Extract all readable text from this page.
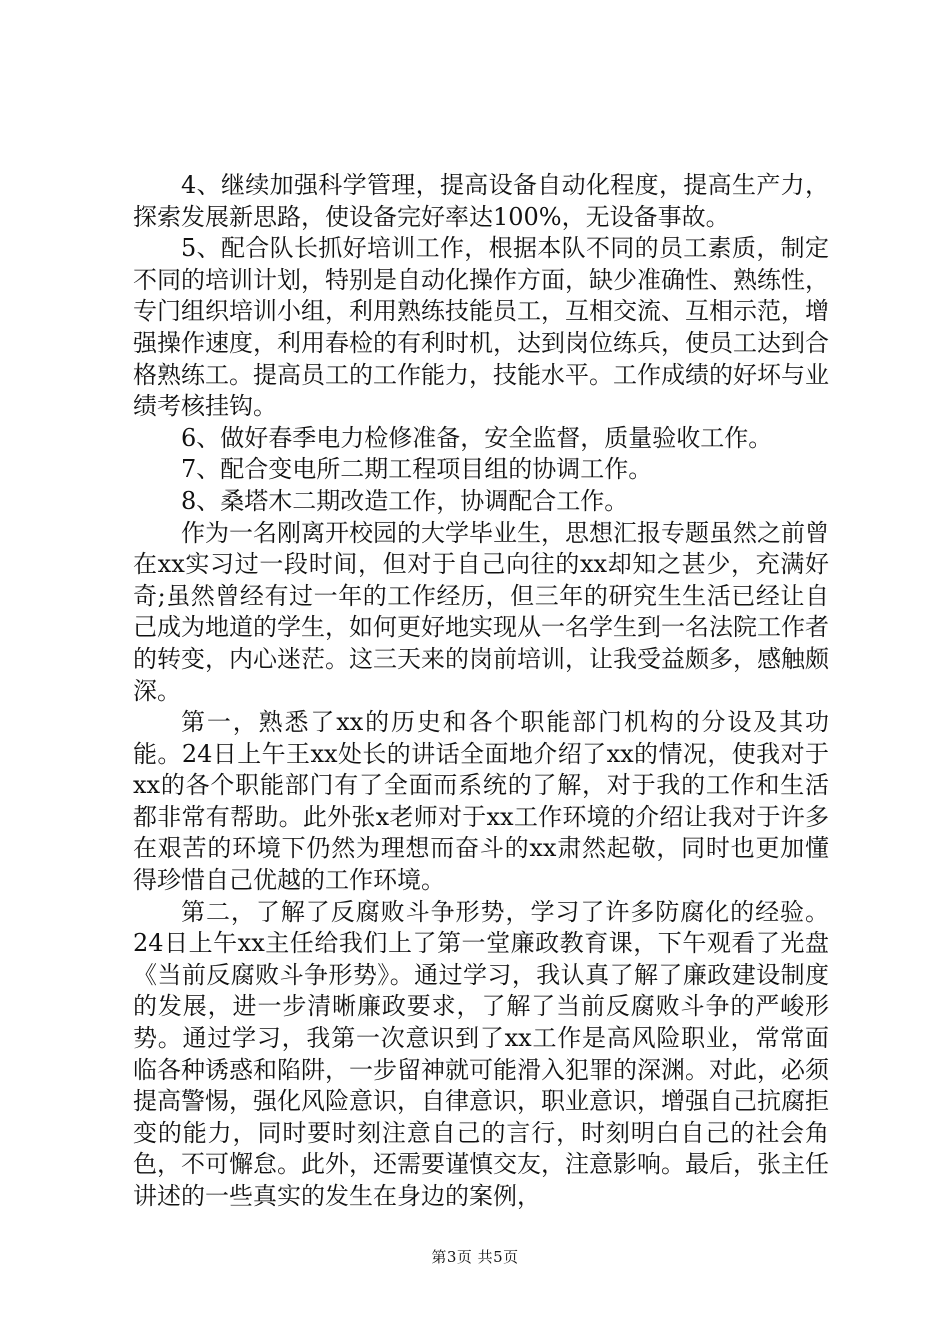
4、继续加强科学管理，提高设备自动化程度，提高生产力，探索发展新思路，使设备完好率达100%，无设备事故。

5、配合队长抓好培训工作，根据本队不同的员工素质，制定不同的培训计划，特别是自动化操作方面，缺少准确性、熟练性，专门组织培训小组，利用熟练技能员工，互相交流、互相示范，增强操作速度，利用春检的有利时机，达到岗位练兵，使员工达到合格熟练工。提高员工的工作能力，技能水平。工作成绩的好坏与业绩考核挂钩。

6、做好春季电力检修准备，安全监督，质量验收工作。

7、配合变电所二期工程项目组的协调工作。

8、桑塔木二期改造工作，协调配合工作。

作为一名刚离开校园的大学毕业生，思想汇报专题虽然之前曾在xx实习过一段时间，但对于自己向往的xx却知之甚少，充满好奇;虽然曾经有过一年的工作经历，但三年的研究生生活已经让自己成为地道的学生，如何更好地实现从一名学生到一名法院工作者的转变，内心迷茫。这三天来的岗前培训，让我受益颇多，感触颇深。

第一，熟悉了xx的历史和各个职能部门机构的分设及其功能。24日上午王xx处长的讲话全面地介绍了xx的情况，使我对于xx的各个职能部门有了全面而系统的了解，对于我的工作和生活都非常有帮助。此外张x老师对于xx工作环境的介绍让我对于许多在艰苦的环境下仍然为理想而奋斗的xx肃然起敬，同时也更加懂得珍惜自己优越的工作环境。

第二，了解了反腐败斗争形势，学习了许多防腐化的经验。24日上午xx主任给我们上了第一堂廉政教育课，下午观看了光盘《当前反腐败斗争形势》。通过学习，我认真了解了廉政建设制度的发展，进一步清晰廉政要求，了解了当前反腐败斗争的严峻形势。通过学习，我第一次意识到了xx工作是高风险职业，常常面临各种诱惑和陷阱，一步留神就可能滑入犯罪的深渊。对此，必须提高警惕，强化风险意识，自律意识，职业意识，增强自己抗腐拒变的能力，同时要时刻注意自己的言行，时刻明白自己的社会角色，不可懈怠。此外，还需要谨慎交友，注意影响。最后，张主任讲述的一些真实的发生在身边的案例，

第3页 共5页
